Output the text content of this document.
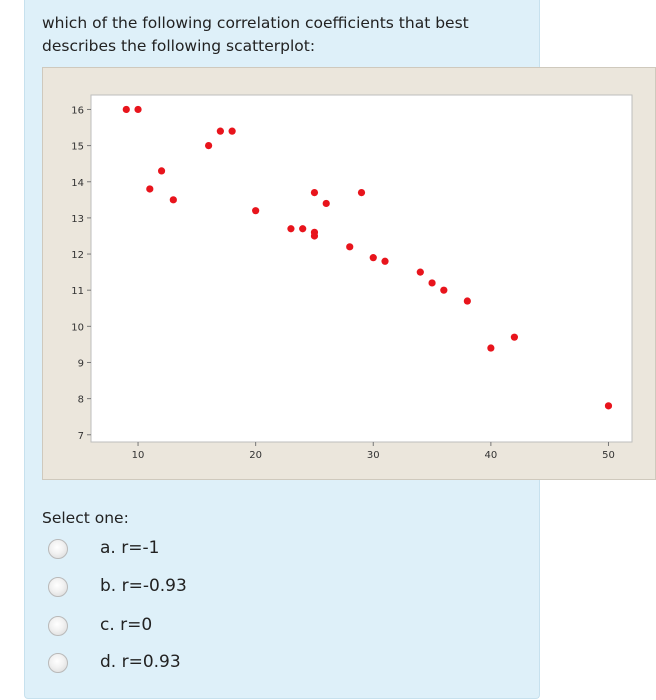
which of the following correlation coefficients that best describes the following scatterplot:
7
8
9
10
11
12
13
14
15
16
10	20	30	40	50
Select one:
a. r=-1
b. r=-0.93
c. r=0
d. r=0.93
